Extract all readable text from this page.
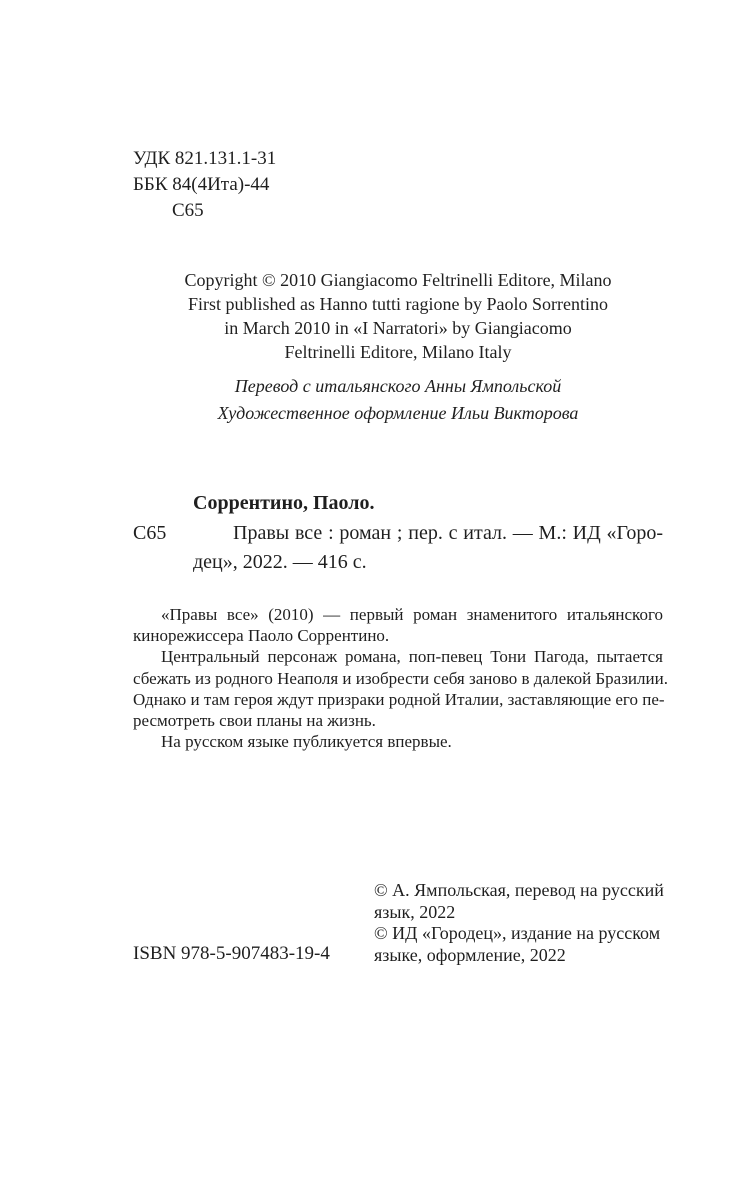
УДК 821.131.1-31
ББК 84(4Ита)-44
С65
Copyright © 2010 Giangiacomo Feltrinelli Editore, Milano
First published as Hanno tutti ragione by Paolo Sorrentino
in March 2010 in «I Narratori» by Giangiacomo
Feltrinelli Editore, Milano Italy
Перевод с итальянского Анны Ямпольской
Художественное оформление Ильи Викторова
Соррентино, Паоло.
С65	Правы все : роман ; пер. с итал. — М.: ИД «Горо-
дец», 2022. — 416 с.
«Правы все» (2010) — первый роман знаменитого итальянского
кинорежиссера Паоло Соррентино.
Центральный персонаж романа, поп-певец Тони Пагода, пытается
сбежать из родного Неаполя и изобрести себя заново в далекой Бразилии.
Однако и там героя ждут призраки родной Италии, заставляющие его пе-
ресмотреть свои планы на жизнь.
На русском языке публикуется впервые.
ISBN 978-5-907483-19-4
© А. Ямпольская, перевод на русский
язык, 2022
© ИД «Городец», издание на русском
языке, оформление, 2022
